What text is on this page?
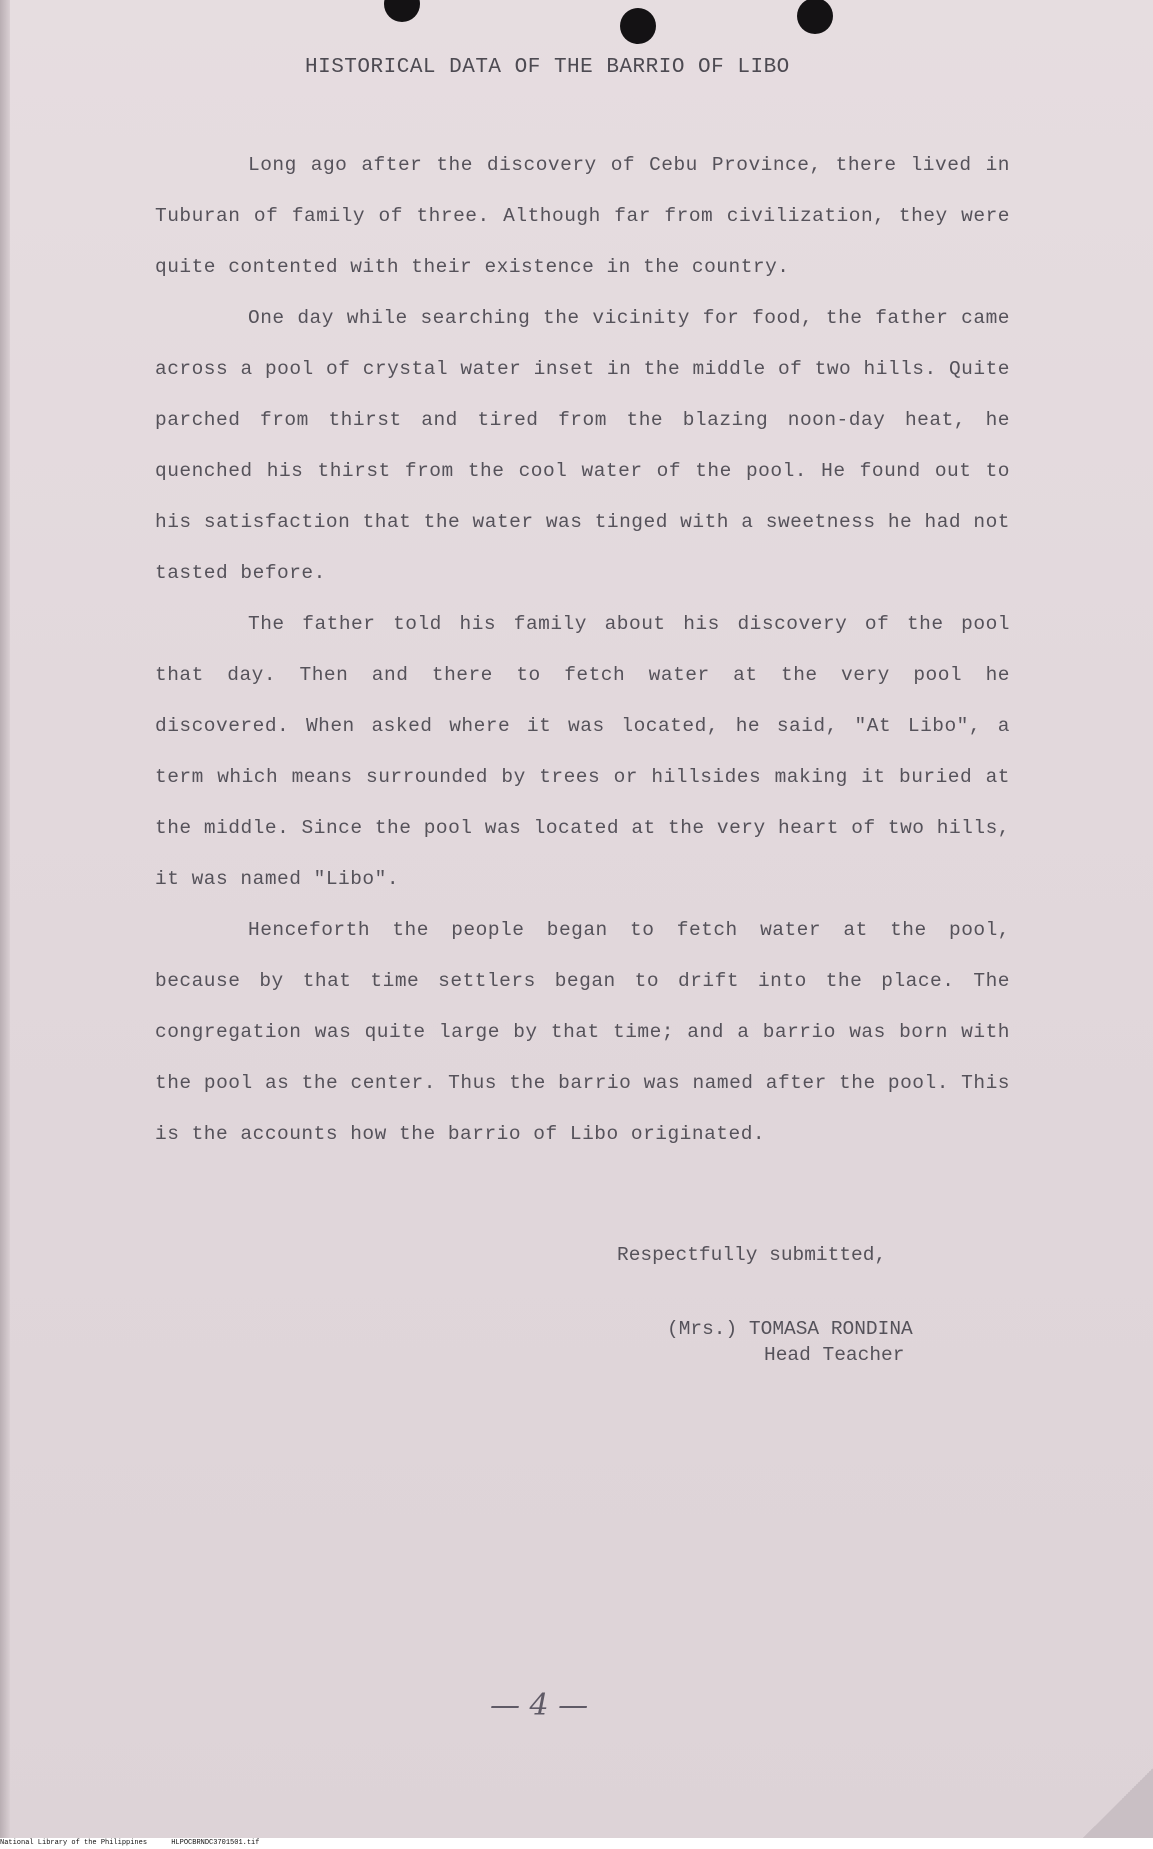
HISTORICAL DATA OF THE BARRIO OF LIBO

Long ago after the discovery of Cebu Province, there lived in Tuburan of family of three. Although far from civilization, they were quite contented with their existence in the country.

One day while searching the vicinity for food, the father came across a pool of crystal water inset in the middle of two hills. Quite parched from thirst and tired from the blazing noon-day heat, he quenched his thirst from the cool water of the pool. He found out to his satisfaction that the water was tinged with a sweetness he had not tasted before.

The father told his family about his discovery of the pool that day. Then and there to fetch water at the very pool he discovered. When asked where it was located, he said, "At Libo", a term which means surrounded by trees or hillsides making it buried at the middle. Since the pool was located at the very heart of two hills, it was named "Libo".

Henceforth the people began to fetch water at the pool, because by that time settlers began to drift into the place. The congregation was quite large by that time; and a barrio was born with the pool as the center. Thus the barrio was named after the pool. This is the accounts how the barrio of Libo originated.

Respectfully submitted,
(Mrs.) TOMASA RONDINA
Head Teacher
— 4 —
National Library of the Philippines	HLPOCBRNDC3701501.tif
